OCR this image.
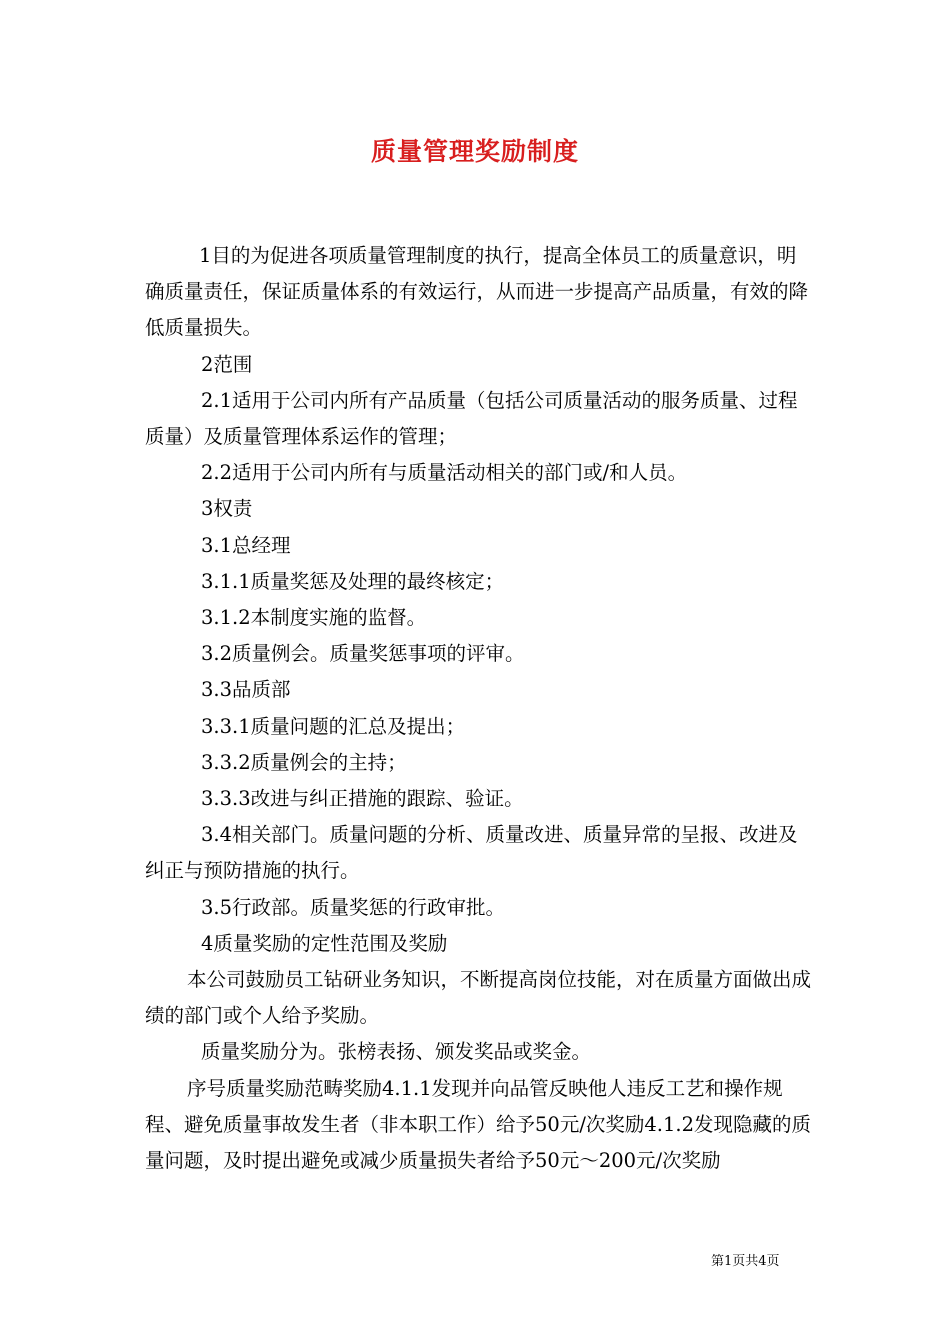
质量管理奖励制度

1目的为促进各项质量管理制度的执行，提高全体员工的质量意识，明确质量责任，保证质量体系的有效运行，从而进一步提高产品质量，有效的降低质量损失。

2范围

2.1适用于公司内所有产品质量（包括公司质量活动的服务质量、过程质量）及质量管理体系运作的管理；

2.2适用于公司内所有与质量活动相关的部门或/和人员。

3权责

3.1总经理

3.1.1质量奖惩及处理的最终核定；

3.1.2本制度实施的监督。

3.2质量例会。质量奖惩事项的评审。

3.3品质部

3.3.1质量问题的汇总及提出；

3.3.2质量例会的主持；

3.3.3改进与纠正措施的跟踪、验证。

3.4相关部门。质量问题的分析、质量改进、质量异常的呈报、改进及纠正与预防措施的执行。

3.5行政部。质量奖惩的行政审批。

4质量奖励的定性范围及奖励

本公司鼓励员工钻研业务知识，不断提高岗位技能，对在质量方面做出成绩的部门或个人给予奖励。

质量奖励分为。张榜表扬、颁发奖品或奖金。

序号质量奖励范畴奖励4.1.1发现并向品管反映他人违反工艺和操作规程、避免质量事故发生者（非本职工作）给予50元/次奖励4.1.2发现隐藏的质量问题，及时提出避免或减少质量损失者给予50元～200元/次奖励

第1页共4页
